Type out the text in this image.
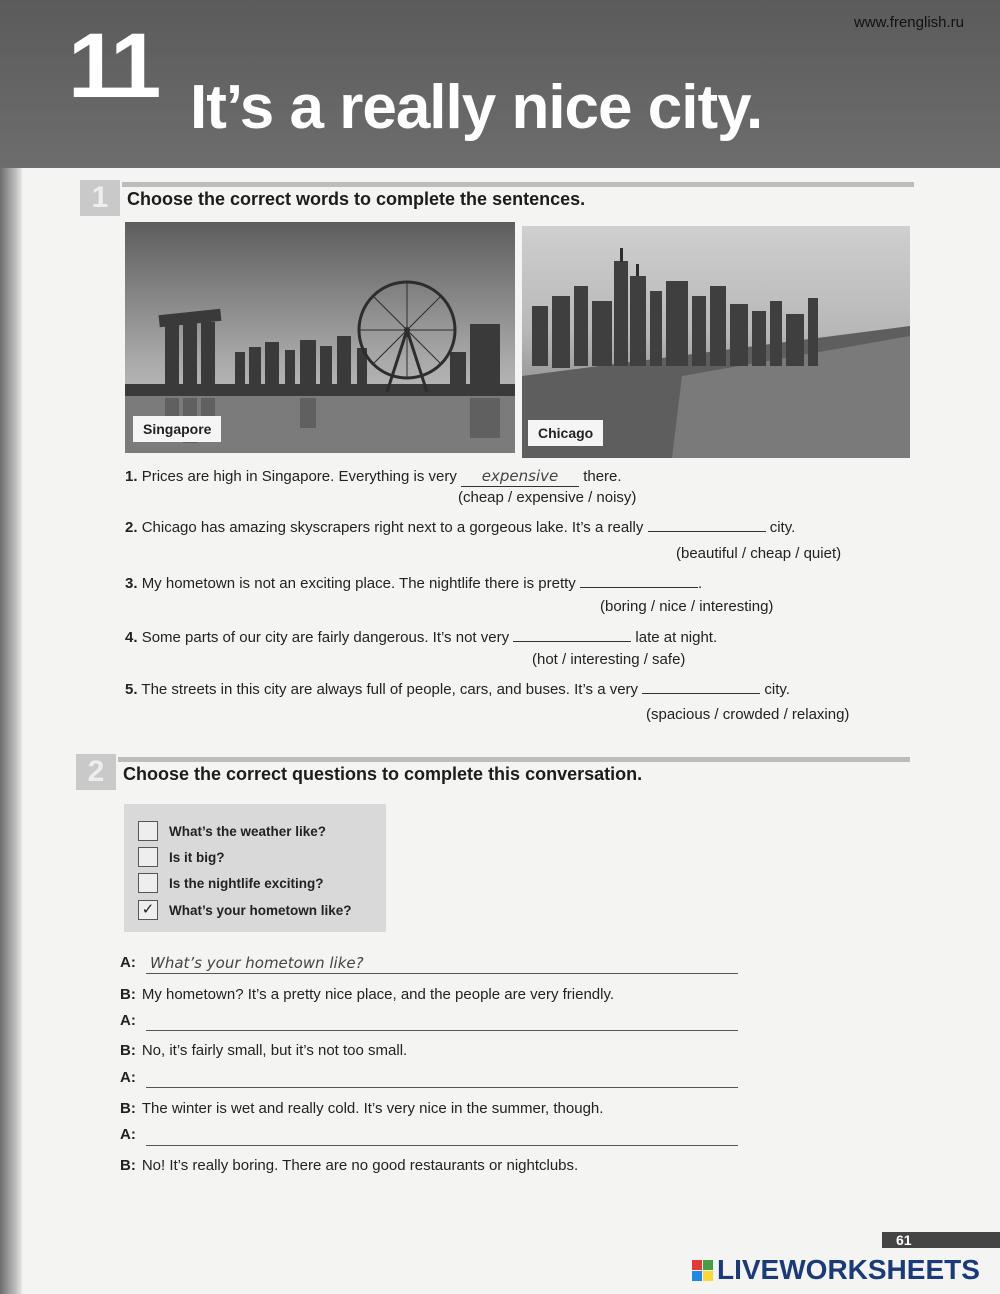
11 It’s a really nice city.
www.frenglish.ru
1	Choose the correct words to complete the sentences.
Singapore	Chicago
1. Prices are high in Singapore. Everything is very expensive there.
(cheap / expensive / noisy)
2. Chicago has amazing skyscrapers right next to a gorgeous lake. It’s a really	city.
(beautiful / cheap / quiet)
3. My hometown is not an exciting place. The nightlife there is pretty	.
(boring / nice / interesting)
4. Some parts of our city are fairly dangerous. It’s not very	late at night.
(hot / interesting / safe)
5. The streets in this city are always full of people, cars, and buses. It’s a very	city.
(spacious / crowded / relaxing)
2	Choose the correct questions to complete this conversation.
What’s the weather like?
Is it big?
Is the nightlife exciting?
✓ What’s your hometown like?
A: What’s your hometown like?
B: My hometown? It’s a pretty nice place, and the people are very friendly.
A:
B: No, it’s fairly small, but it’s not too small.
A:
B: The winter is wet and really cold. It’s very nice in the summer, though.
A:
B: No! It’s really boring. There are no good restaurants or nightclubs.
61
LIVEWORKSHEETS
